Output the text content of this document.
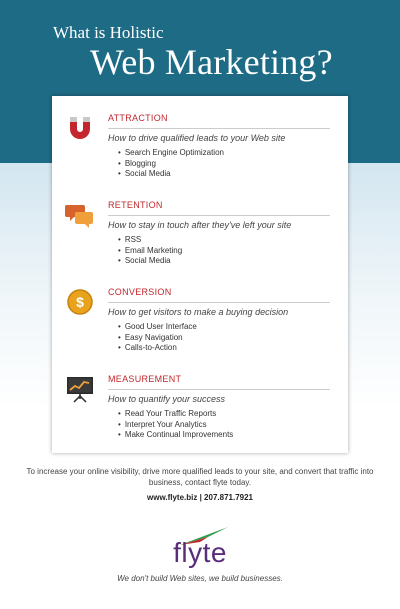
What is Holistic
Web Marketing?
ATTRACTION
How to drive qualified leads to your Web site
• Search Engine Optimization
• Blogging
• Social Media
RETENTION
How to stay in touch after they've left your site
• RSS
• Email Marketing
• Social Media
$
CONVERSION
How to get visitors to make a buying decision
• Good User Interface
• Easy Navigation
• Calls-to-Action
MEASUREMENT
How to quantify your success
• Read Your Traffic Reports
• Interpret Your Analytics
• Make Continual Improvements
To increase your online visibility, drive more qualified leads to your site, and convert that traffic into business, contact flyte today.
www.flyte.biz | 207.871.7921
flyte
We don't build Web sites, we build businesses.
